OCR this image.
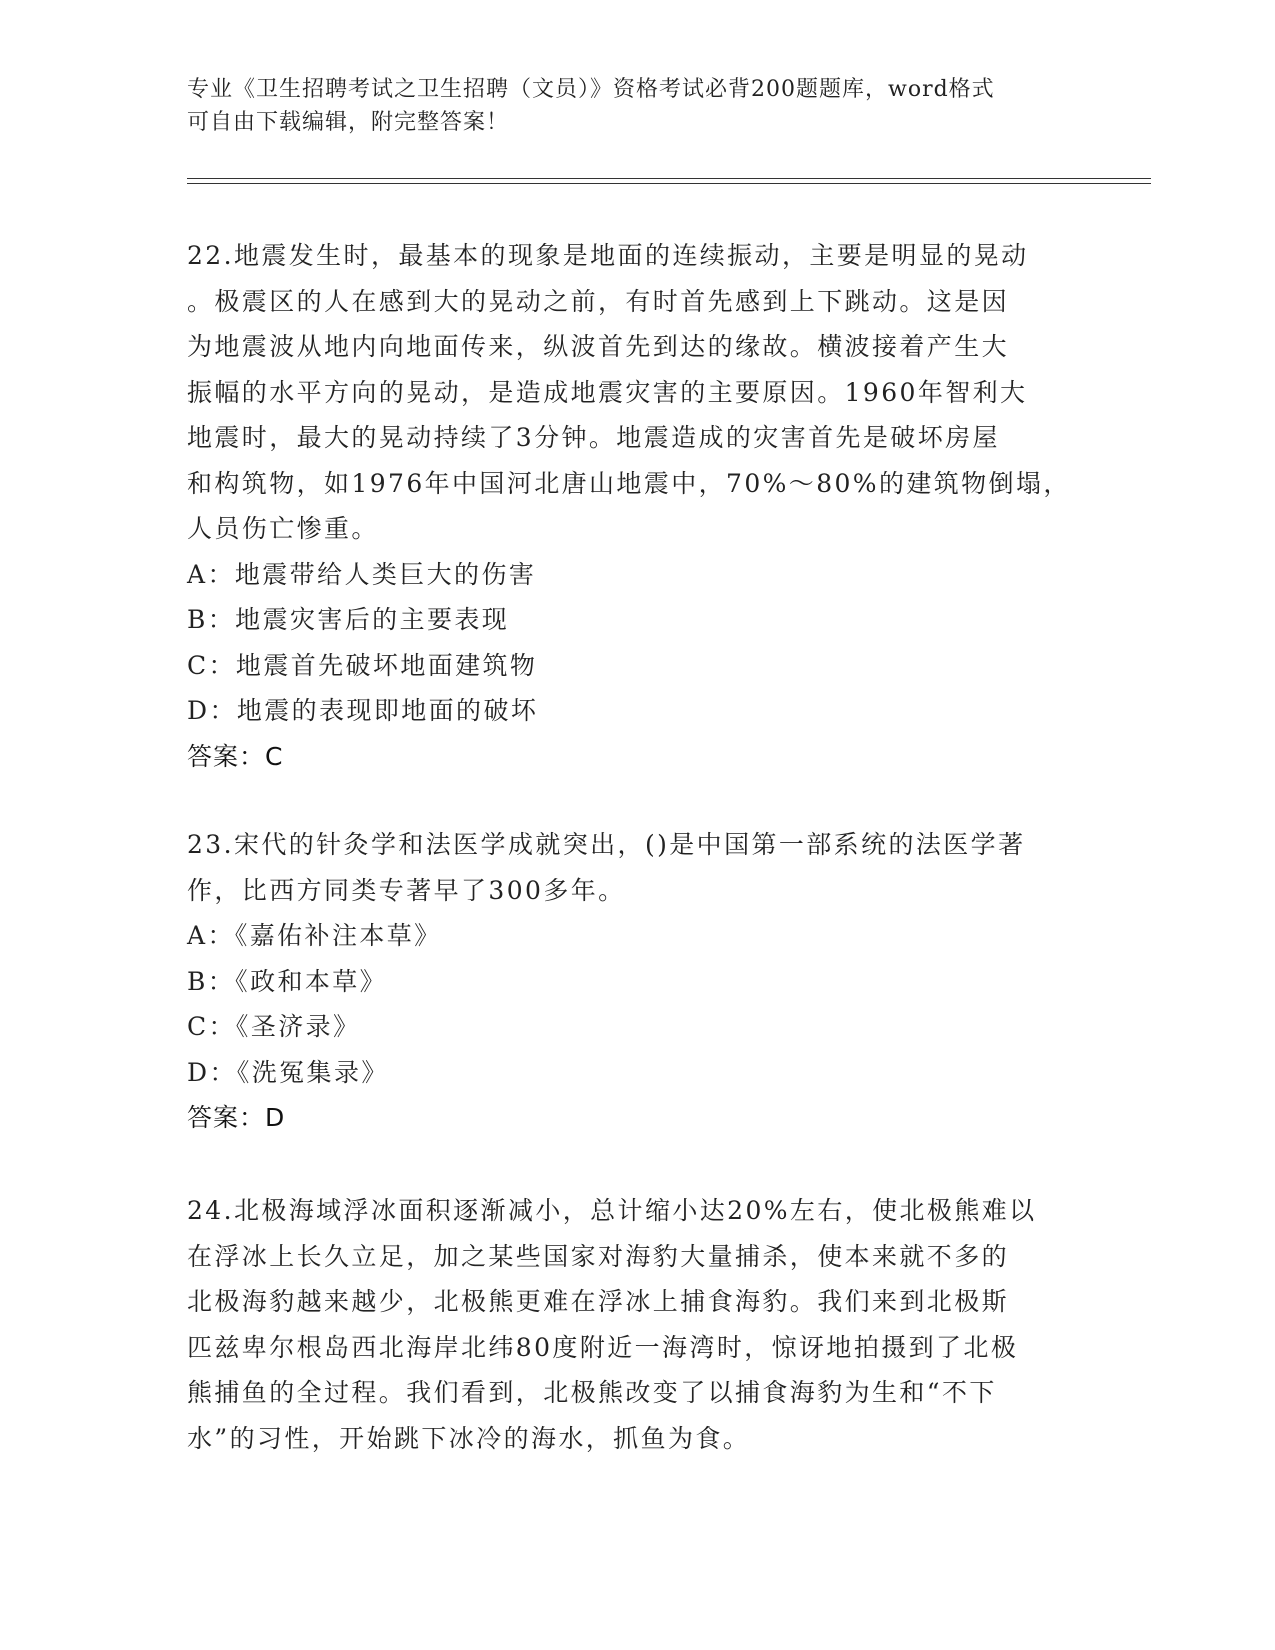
专业《卫生招聘考试之卫生招聘（文员）》资格考试必背200题题库，word格式
可自由下载编辑，附完整答案！
22.地震发生时，最基本的现象是地面的连续振动，主要是明显的晃动
。极震区的人在感到大的晃动之前，有时首先感到上下跳动。这是因
为地震波从地内向地面传来，纵波首先到达的缘故。横波接着产生大
振幅的水平方向的晃动，是造成地震灾害的主要原因。1960年智利大
地震时，最大的晃动持续了3分钟。地震造成的灾害首先是破坏房屋
和构筑物，如1976年中国河北唐山地震中，70%～80%的建筑物倒塌，
人员伤亡惨重。
A：地震带给人类巨大的伤害
B：地震灾害后的主要表现
C：地震首先破坏地面建筑物
D：地震的表现即地面的破坏
答案：C
23.宋代的针灸学和法医学成就突出，()是中国第一部系统的法医学著
作，比西方同类专著早了300多年。
A：《嘉佑补注本草》
B：《政和本草》
C：《圣济录》
D：《洗冤集录》
答案：D
24.北极海域浮冰面积逐渐减小，总计缩小达20%左右，使北极熊难以
在浮冰上长久立足，加之某些国家对海豹大量捕杀，使本来就不多的
北极海豹越来越少，北极熊更难在浮冰上捕食海豹。我们来到北极斯
匹兹卑尔根岛西北海岸北纬80度附近一海湾时，惊讶地拍摄到了北极
熊捕鱼的全过程。我们看到，北极熊改变了以捕食海豹为生和“不下
水”的习性，开始跳下冰冷的海水，抓鱼为食。
